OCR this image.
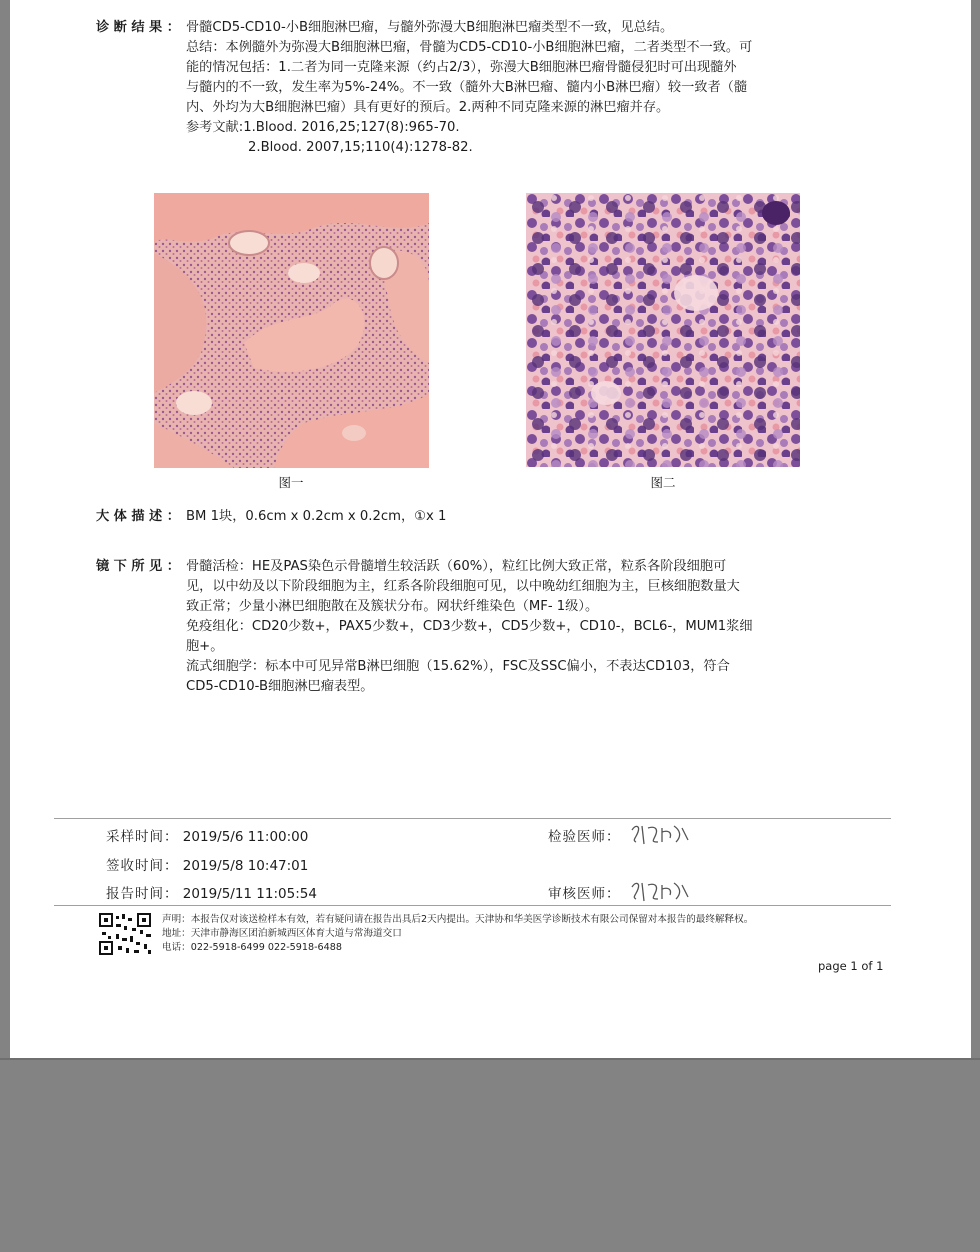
诊断结果： 骨髓CD5-CD10-小B细胞淋巴瘤，与髓外弥漫大B细胞淋巴瘤类型不一致，见总结。
总结：本例髓外为弥漫大B细胞淋巴瘤，骨髓为CD5-CD10-小B细胞淋巴瘤，二者类型不一致。可
能的情况包括：1.二者为同一克隆来源（约占2/3），弥漫大B细胞淋巴瘤骨髓侵犯时可出现髓外
与髓内的不一致，发生率为5%-24%。不一致（髓外大B淋巴瘤、髓内小B淋巴瘤）较一致者（髓
内、外均为大B细胞淋巴瘤）具有更好的预后。2.两种不同克隆来源的淋巴瘤并存。
参考文献:1.Blood. 2016,25;127(8):965-70.
2.Blood. 2007,15;110(4):1278-82.
图一	图二
大体描述： BM 1块，0.6cm x 0.2cm x 0.2cm，①x 1
镜下所见： 骨髓活检：HE及PAS染色示骨髓增生较活跃（60%），粒红比例大致正常，粒系各阶段细胞可
见，以中幼及以下阶段细胞为主，红系各阶段细胞可见，以中晚幼红细胞为主，巨核细胞数量大
致正常；少量小淋巴细胞散在及簇状分布。网状纤维染色（MF- 1级）。
免疫组化：CD20少数+，PAX5少数+，CD3少数+，CD5少数+，CD10-，BCL6-，MUM1浆细
胞+。
流式细胞学：标本中可见异常B淋巴细胞（15.62%），FSC及SSC偏小，不表达CD103，符合
CD5-CD10-B细胞淋巴瘤表型。
采样时间： 2019/5/6 11:00:00
签收时间： 2019/5/8 10:47:01
报告时间： 2019/5/11 11:05:54
检验医师：
审核医师：
声明：本报告仅对该送检样本有效，若有疑问请在报告出具后2天内提出。天津协和华美医学诊断技术有限公司保留对本报告的最终解释权。
地址：天津市静海区团泊新城西区体育大道与常海道交口
电话：022-5918-6499 022-5918-6488
page 1 of 1
